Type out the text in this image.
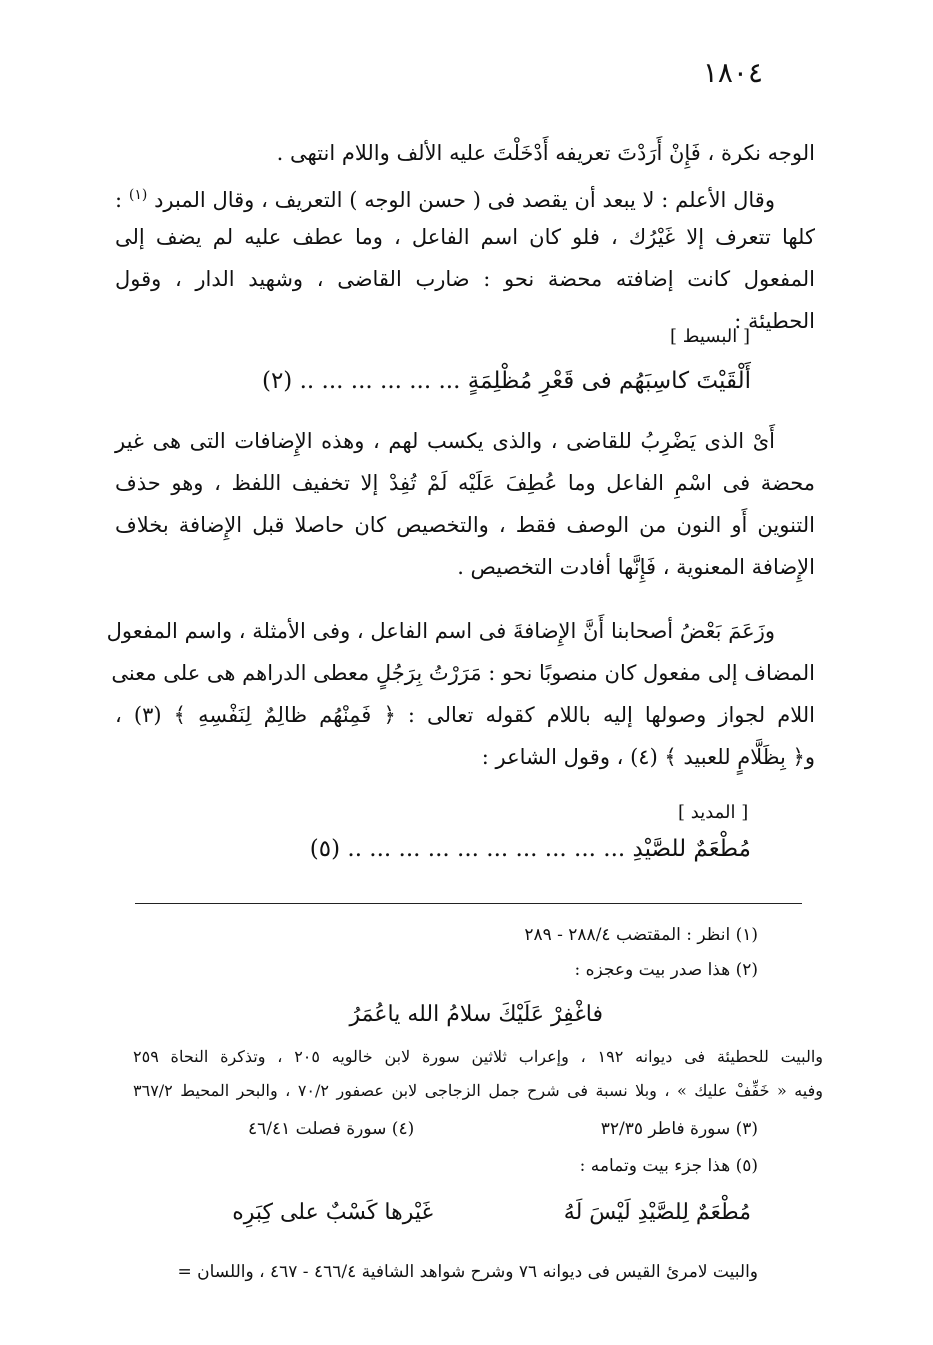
١٨٠٤
الوجه نكرة ، فَإِنْ أَرَدْتَ تعريفه أَدْخَلْتَ عليه الألف واللام انتهى .
وقال الأعلم : لا يبعد أن يقصد فى ( حسن الوجه ) التعريف ، وقال المبرد $^{(١)}$ :
كلها تتعرف إلا غَيْرُك ، فلو كان اسم الفاعل ، وما عطف عليه لم يضف إلى
المفعول كانت إضافته محضة نحو : ضارب القاضى ، وشهيد الدار ، وقول
الحطيئة :
[ البسيط ]
أَلْقَيْتَ كاسِبَهُم فى قَعْرِ مُظْلِمَةٍ ... ... ... ... ... .. (٢)
أَىْ الذى يَضْرِبُ للقاضى ، والذى يكسب لهم ، وهذه الإِضافات التى هى غير
محضة فى اسْمِ الفاعل وما عُطِفَ عَلَيْه لَمْ تُفِدْ إلا تخفيف اللفظ ، وهو حذف
التنوين أَو النون من الوصف فقط ، والتخصيص كان حاصلا قبل الإِضافة بخلاف
الإِضافة المعنوية ، فَإِنَّها أفادت التخصيص .
وزَعَمَ بَعْضُ أصحابنا أَنَّ الإِضافةَ فى اسم الفاعل ، وفى الأمثلة ، واسم المفعول
المضاف إلى مفعول كان منصوبًا نحو : مَرَرْتُ بِرَجُلٍ معطى الدراهم هى على معنى
اللام لجواز وصولها إليه باللام كقوله تعالى : ﴿ فَمِنْهُم ظالِمٌ لِنَفْسِهِ ﴾ (٣) ،
و﴿ بِظَلَّامٍ للعبيد ﴾ (٤) ، وقول الشاعر :
[ المديد ]
مُطْعَمٌ للصَّيْدِ ... ... ... ... ... ... ... ... ... .. (٥)
(١) انظر : المقتضب ٢٨٨/٤ - ٢٨٩
(٢) هذا صدر بيت وعجزه :
فاغْفِرْ عَلَيْكَ سلامُ الله ياعُمَرُ
والبيت للحطيئة فى ديوانه ١٩٢ ، وإعراب ثلاثين سورة لابن خالويه ٢٠٥ ، وتذكرة النحاة ٢٥٩
وفيه « خَفِّفْ عليك » ، وبلا نسبة فى شرح جمل الزجاجى لابن عصفور ٧٠/٢ ، والبحر المحيط ٣٦٧/٢
(٣) سورة فاطر ٣٢/٣٥
(٤) سورة فصلت ٤٦/٤١
(٥) هذا جزء بيت وتمامه :
مُطْعَمٌ لِلصَّيْدِ لَيْسَ لَهُ
غَيْرها كَسْبٌ على كِبَرِه
والبيت لامرئ القيس فى ديوانه ٧٦ وشرح شواهد الشافية ٤٦٦/٤ - ٤٦٧ ، واللسان =
